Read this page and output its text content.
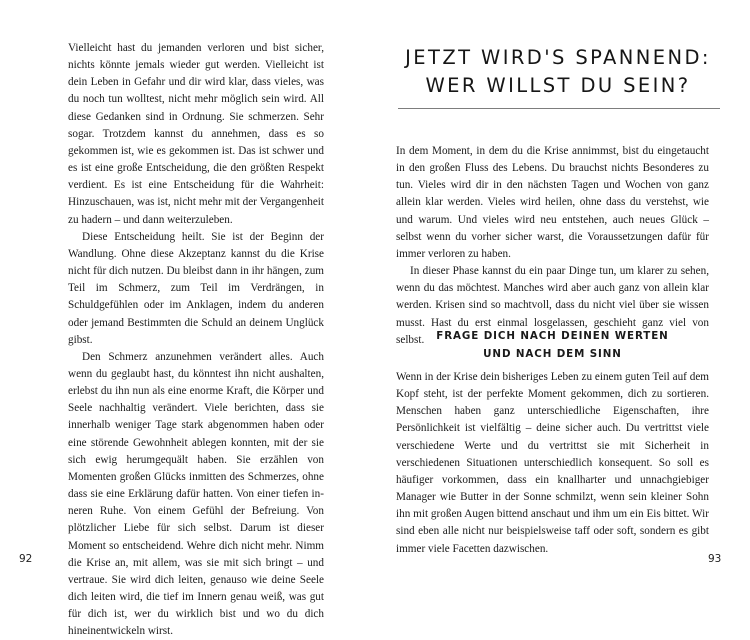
Vielleicht hast du jemanden verloren und bist sicher, nichts könnte jemals wieder gut werden. Vielleicht ist dein Leben in Gefahr und dir wird klar, dass vieles, was du noch tun wolltest, nicht mehr möglich sein wird. All diese Gedanken sind in Ordnung. Sie schmerzen. Sehr sogar. Trotzdem kannst du annehmen, dass es so gekommen ist, wie es gekommen ist. Das ist schwer und es ist eine große Entscheidung, die den größten Respekt verdient. Es ist eine Entscheidung für die Wahrheit: Hinzuschauen, was ist, nicht mehr mit der Vergangenheit zu hadern – und dann weiterzuleben.

Diese Entscheidung heilt. Sie ist der Beginn der Wandlung. Ohne diese Akzeptanz kannst du die Krise nicht für dich nutzen. Du bleibst dann in ihr hängen, zum Teil im Schmerz, zum Teil im Verdrängen, in Schuldgefühlen oder im Anklagen, indem du anderen oder jemand Bestimmten die Schuld an deinem Unglück gibst.

Den Schmerz anzunehmen verändert alles. Auch wenn du geglaubt hast, du könntest ihn nicht aushalten, erlebst du ihn nun als eine enorme Kraft, die Körper und Seele nachhaltig verändert. Viele berichten, dass sie innerhalb weniger Tage stark abgenommen haben oder eine störende Gewohnheit ablegen konnten, mit der sie sich ewig herumgequält haben. Sie erzählen von Momenten großen Glücks inmitten des Schmerzes, ohne dass sie eine Erklärung dafür hatten. Von einer tiefen inneren Ruhe. Von einem Gefühl der Befreiung. Von plötzlicher Liebe für sich selbst. Darum ist dieser Moment so entscheidend. Wehre dich nicht mehr. Nimm die Krise an, mit allem, was sie mit sich bringt – und vertraue. Sie wird dich leiten, genauso wie deine Seele dich leiten wird, die tief im Innern genau weiß, was gut für dich ist, wer du wirklich bist und wo du dich hineinentwickeln wirst.

92
JETZT WIRD'S SPANNEND:
WER WILLST DU SEIN?

In dem Moment, in dem du die Krise annimmst, bist du eingetaucht in den großen Fluss des Lebens. Du brauchst nichts Besonderes zu tun. Vieles wird dir in den nächsten Tagen und Wochen von ganz allein klar werden. Vieles wird heilen, ohne dass du verstehst, wie und warum. Und vieles wird neu entstehen, auch neues Glück – selbst wenn du vorher sicher warst, die Voraussetzungen dafür für immer verloren zu haben.

In dieser Phase kannst du ein paar Dinge tun, um klarer zu sehen, wenn du das möchtest. Manches wird aber auch ganz von allein klar werden. Krisen sind so machtvoll, dass du nicht viel über sie wissen musst. Hast du erst einmal losgelassen, geschieht ganz viel von selbst.	FRAGE DICH NACH DEINEN WERTEN
UND NACH DEM SINN

Wenn in der Krise dein bisheriges Leben zu einem guten Teil auf dem Kopf steht, ist der perfekte Moment gekommen, dich zu sortieren. Menschen haben ganz unterschiedliche Eigenschaften, ihre Persönlichkeit ist vielfältig – deine sicher auch. Du vertrittst viele verschiedene Werte und du vertrittst sie mit Sicherheit in verschiedenen Situationen unterschiedlich konsequent. So soll es häufiger vorkommen, dass ein knallharter und unnachgiebiger Manager wie Butter in der Sonne schmilzt, wenn sein kleiner Sohn ihn mit großen Augen bittend anschaut und ihm um ein Eis bittet. Wir sind eben alle nicht nur beispielsweise taff oder soft, sondern es gibt immer viele Facetten dazwischen.

93
